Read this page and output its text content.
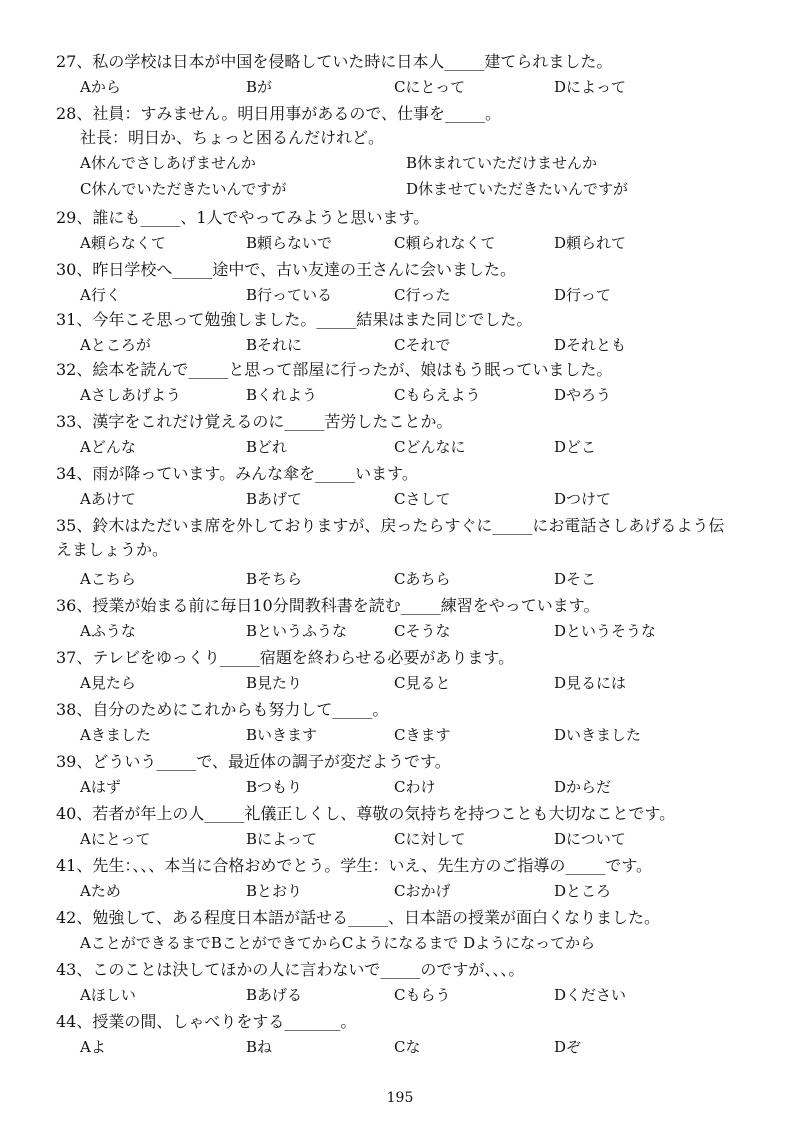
27、私の学校は日本が中国を侵略していた時に日本人_____建てられました。
Aから	Bが	Cにとって	Dによって
28、社員：すみません。明日用事があるので、仕事を_____。
社長：明日か、ちょっと困るんだけれど。
A休んでさしあげませんか	B休まれていただけませんか
C休んでいただきたいんですが	D休ませていただきたいんですが
29、誰にも_____、1人でやってみようと思います。
A頼らなくて	B頼らないで	C頼られなくて	D頼られて
30、昨日学校へ_____途中で、古い友達の王さんに会いました。
A行く	B行っている	C行った	D行って
31、今年こそ思って勉強しました。_____結果はまた同じでした。
Aところが	Bそれに	Cそれで	Dそれとも
32、絵本を読んで_____と思って部屋に行ったが、娘はもう眠っていました。
Aさしあげよう	Bくれよう	Cもらえよう	Dやろう
33、漢字をこれだけ覚えるのに_____苦労したことか。
Aどんな	Bどれ	Cどんなに	Dどこ
34、雨が降っています。みんな傘を_____います。
Aあけて	Bあげて	Cさして	Dつけて
35、鈴木はただいま席を外しておりますが、戻ったらすぐに_____にお電話さしあげるよう伝えましょうか。
Aこちら	Bそちら	Cあちら	Dそこ
36、授業が始まる前に毎日10分間教科書を読む_____練習をやっています。
Aふうな	Bというふうな	Cそうな	Dというそうな
37、テレビをゆっくり_____宿題を終わらせる必要があります。
A見たら	B見たり	C見ると	D見るには
38、自分のためにこれからも努力して_____。
Aきました	Bいきます	Cきます	Dいきました
39、どういう_____で、最近体の調子が変だようです。
Aはず	Bつもり	Cわけ	Dからだ
40、若者が年上の人_____礼儀正しくし、尊敬の気持ちを持つことも大切なことです。
Aにとって	Bによって	Cに対して	Dについて
41、先生：、、、本当に合格おめでとう。学生：いえ、先生方のご指導の_____です。
Aため	Bとおり	Cおかげ	Dところ
42、勉強して、ある程度日本語が話せる_____、日本語の授業が面白くなりました。
AことができるまでBことができてからCようになるまで Dようになってから
43、このことは決してほかの人に言わないで_____のですが、、、。
Aほしい	Bあげる	Cもらう	Dください
44、授業の間、しゃべりをする_______。
Aよ	Bね	Cな	Dぞ
195
